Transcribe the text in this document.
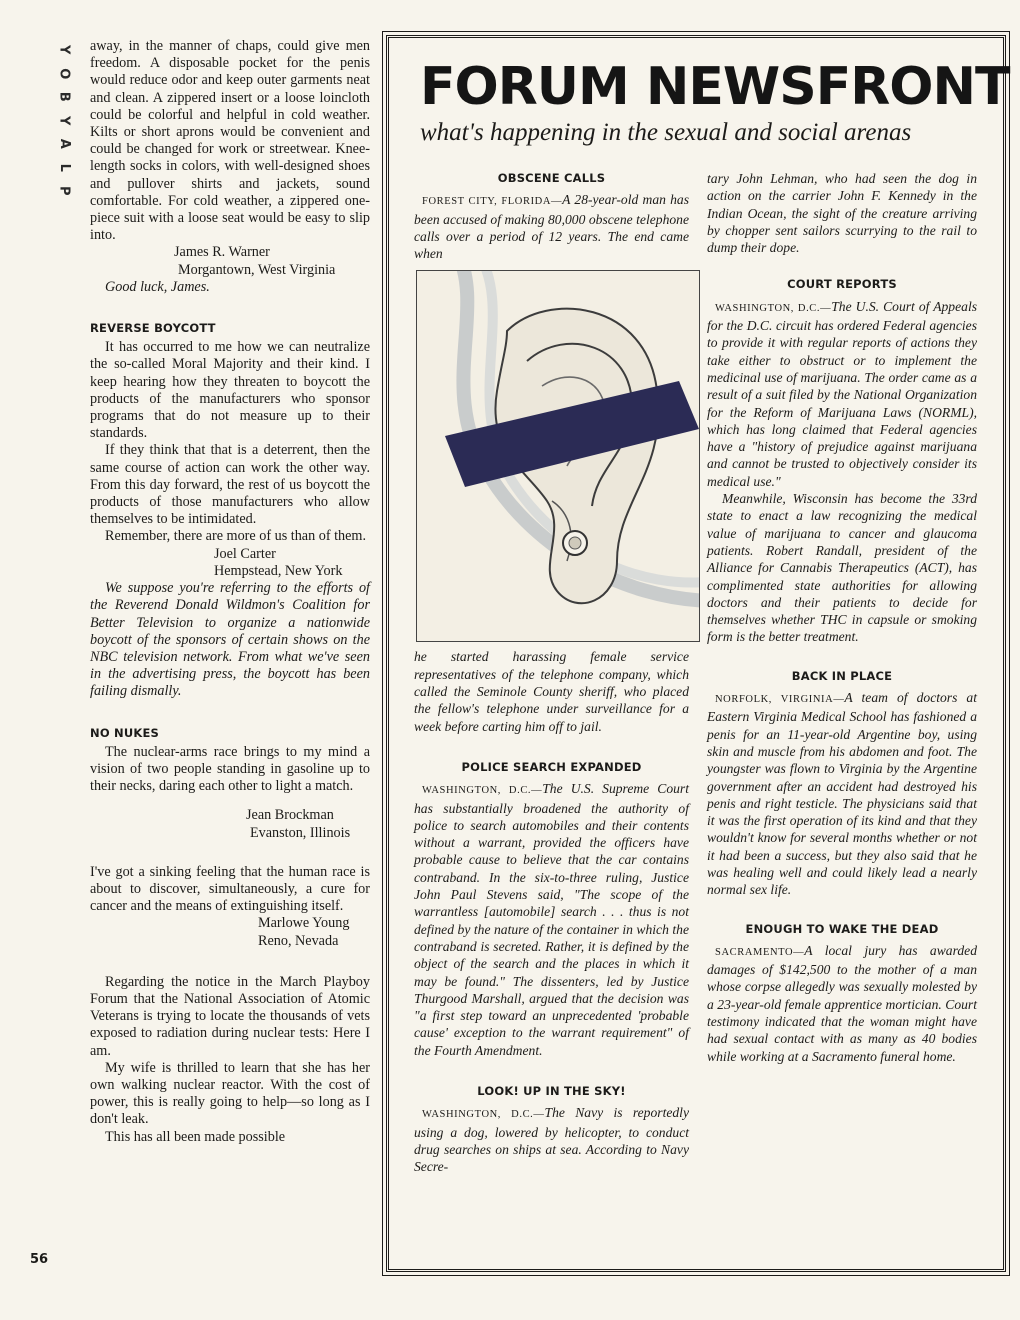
Y
O
B
Y
A
L
P
56

away, in the manner of chaps, could give men freedom. A disposable pocket for the penis would reduce odor and keep outer garments neat and clean. A zippered insert or a loose loincloth could be colorful and helpful in cold weather. Kilts or short aprons would be convenient and could be changed for work or streetwear. Knee-length socks in colors, with well-designed shoes and pullover shirts and jackets, sound comfortable. For cold weather, a zippered one-piece suit with a loose seat would be easy to slip into.

James R. Warner
Morgantown, West Virginia

Good luck, James.

REVERSE BOYCOTT

It has occurred to me how we can neutralize the so-called Moral Majority and their kind. I keep hearing how they threaten to boycott the products of the manufacturers who sponsor programs that do not measure up to their standards.

If they think that that is a deterrent, then the same course of action can work the other way. From this day forward, the rest of us boycott the products of those manufacturers who allow themselves to be intimidated.

Remember, there are more of us than of them.

Joel Carter
Hempstead, New York

We suppose you're referring to the efforts of the Reverend Donald Wildmon's Coalition for Better Television to organize a nationwide boycott of the sponsors of certain shows on the NBC television network. From what we've seen in the advertising press, the boycott has been failing dismally.

NO NUKES

The nuclear-arms race brings to my mind a vision of two people standing in gasoline up to their necks, daring each other to light a match.

Jean Brockman
Evanston, Illinois

I've got a sinking feeling that the human race is about to discover, simultaneously, a cure for cancer and the means of extinguishing itself.

Marlowe Young
Reno, Nevada

Regarding the notice in the March Playboy Forum that the National Association of Atomic Veterans is trying to locate the thousands of vets exposed to radiation during nuclear tests: Here I am.

My wife is thrilled to learn that she has her own walking nuclear reactor. With the cost of power, this is really going to help—so long as I don't leak.

This has all been made possible

FORUM NEWSFRONT
what's happening in the sexual and social arenas
OBSCENE CALLS

FOREST CITY, FLORIDA—A 28-year-old man has been accused of making 80,000 obscene telephone calls over a period of 12 years. The end came when

he started harassing female service representatives of the telephone company, which called the Seminole County sheriff, who placed the fellow's telephone under surveillance for a week before carting him off to jail.

POLICE SEARCH EXPANDED

WASHINGTON, D.C.—The U.S. Supreme Court has substantially broadened the authority of police to search automobiles and their contents without a warrant, provided the officers have probable cause to believe that the car contains contraband. In the six-to-three ruling, Justice John Paul Stevens said, "The scope of the warrantless [automobile] search . . . thus is not defined by the nature of the container in which the contraband is secreted. Rather, it is defined by the object of the search and the places in which it may be found." The dissenters, led by Justice Thurgood Marshall, argued that the decision was "a first step toward an unprecedented 'probable cause' exception to the warrant requirement" of the Fourth Amendment.

LOOK! UP IN THE SKY!

WASHINGTON, D.C.—The Navy is reportedly using a dog, lowered by helicopter, to conduct drug searches on ships at sea. According to Navy Secre-

tary John Lehman, who had seen the dog in action on the carrier John F. Kennedy in the Indian Ocean, the sight of the creature arriving by chopper sent sailors scurrying to the rail to dump their dope.

COURT REPORTS

WASHINGTON, D.C.—The U.S. Court of Appeals for the D.C. circuit has ordered Federal agencies to provide it with regular reports of actions they take either to obstruct or to implement the medicinal use of marijuana. The order came as a result of a suit filed by the National Organization for the Reform of Marijuana Laws (NORML), which has long claimed that Federal agencies have a "history of prejudice against marijuana and cannot be trusted to objectively consider its medical use."

Meanwhile, Wisconsin has become the 33rd state to enact a law recognizing the medical value of marijuana to cancer and glaucoma patients. Robert Randall, president of the Alliance for Cannabis Therapeutics (ACT), has complimented state authorities for allowing doctors and their patients to decide for themselves whether THC in capsule or smoking form is the better treatment.

BACK IN PLACE

NORFOLK, VIRGINIA—A team of doctors at Eastern Virginia Medical School has fashioned a penis for an 11-year-old Argentine boy, using skin and muscle from his abdomen and foot. The youngster was flown to Virginia by the Argentine government after an accident had destroyed his penis and right testicle. The physicians said that it was the first operation of its kind and that they wouldn't know for several months whether or not it had been a success, but they also said that he was healing well and could likely lead a nearly normal sex life.

ENOUGH TO WAKE THE DEAD

SACRAMENTO—A local jury has awarded damages of $142,500 to the mother of a man whose corpse allegedly was sexually molested by a 23-year-old female apprentice mortician. Court testimony indicated that the woman might have had sexual contact with as many as 40 bodies while working at a Sacramento funeral home.
